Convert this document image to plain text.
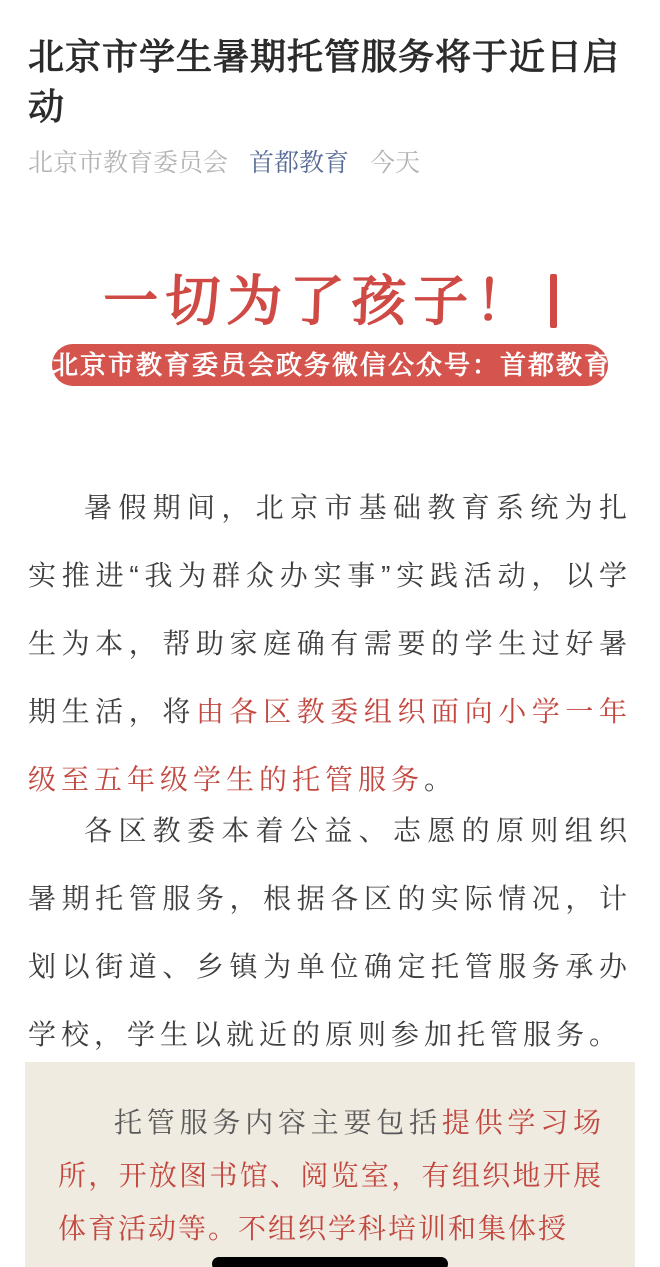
北京市学生暑期托管服务将于近日启动
北京市教育委员会 首都教育 今天
一切为了孩子！
北京市教育委员会政务微信公众号：首都教育

暑假期间，北京市基础教育系统为扎实推进“我为群众办实事”实践活动，以学生为本，帮助家庭确有需要的学生过好暑期生活，将由各区教委组织面向小学一年级至五年级学生的托管服务。

各区教委本着公益、志愿的原则组织暑期托管服务，根据各区的实际情况，计划以街道、乡镇为单位确定托管服务承办学校，学生以就近的原则参加托管服务。

托管服务内容主要包括提供学习场所，开放图书馆、阅览室，有组织地开展体育活动等。不组织学科培训和集体授
